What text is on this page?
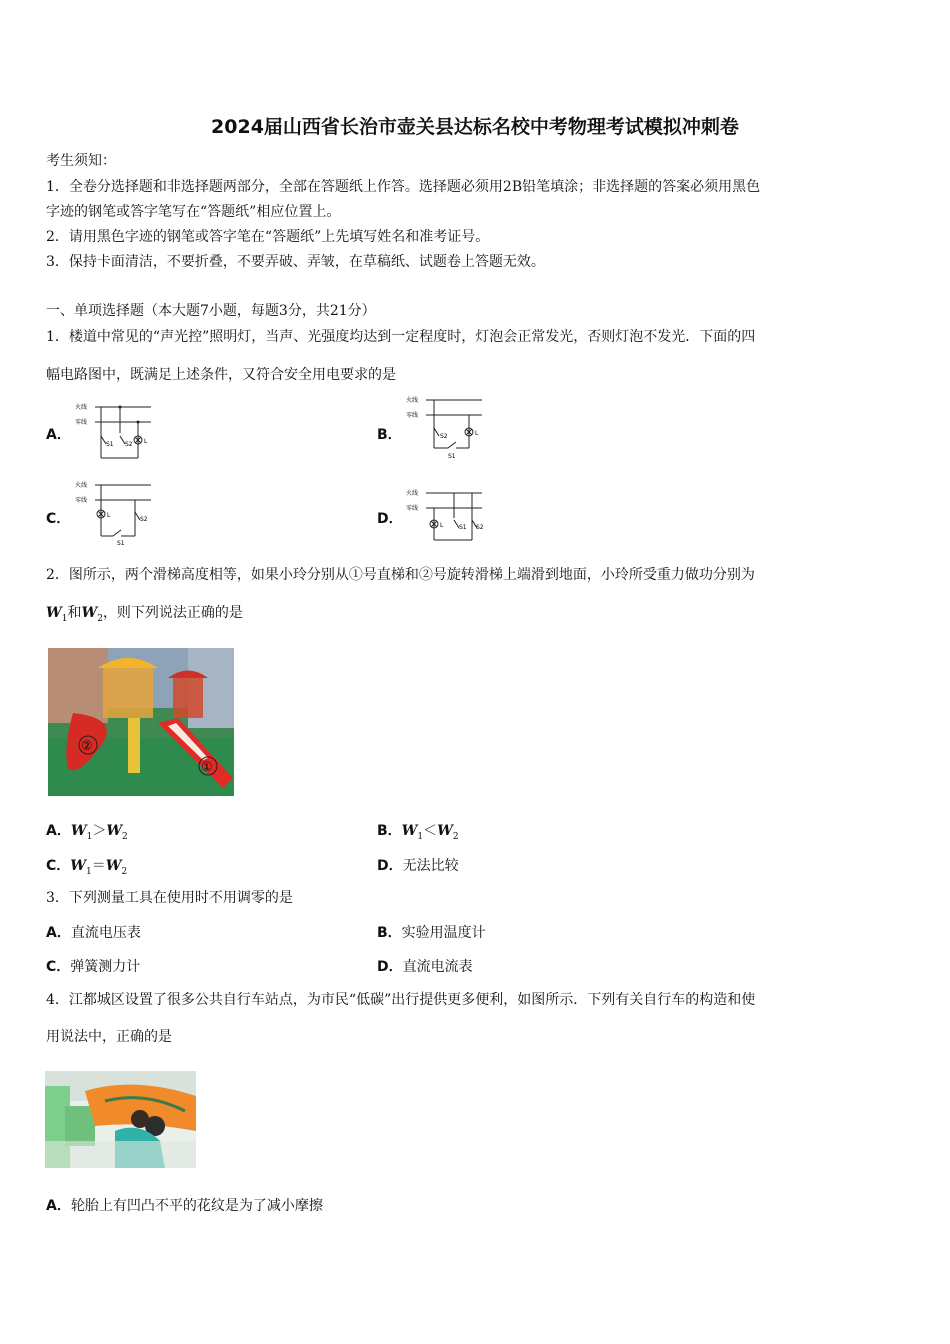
2024届山西省长治市壶关县达标名校中考物理考试模拟冲刺卷
考生须知：
1．全卷分选择题和非选择题两部分，全部在答题纸上作答。选择题必须用2B铅笔填涂；非选择题的答案必须用黑色
字迹的钢笔或答字笔写在“答题纸”相应位置上。
2．请用黑色字迹的钢笔或答字笔在“答题纸”上先填写姓名和准考证号。
3．保持卡面清洁，不要折叠，不要弄破、弄皱，在草稿纸、试题卷上答题无效。
一、单项选择题（本大题7小题，每题3分，共21分）
1．楼道中常见的“声光控”照明灯，当声、光强度均达到一定程度时，灯泡会正常发光，否则灯泡不发光．下面的四
幅电路图中，既满足上述条件，又符合安全用电要求的是
A．
火线
零线
S1 S2 L	B．
火线
零线
S1
S2	L
C．
火线
零线
S1
L
S2	D．
火线
零线
L	S1 S2
2．图所示，两个滑梯高度相等，如果小玲分别从①号直梯和②号旋转滑梯上端滑到地面，小玲所受重力做功分别为
$W_1$和$W_2$，则下列说法正确的是
②
①
A．$W_1>W_2$	B．$W_1<W_2$
C．$W_1=W_2$	D．无法比较
3．下列测量工具在使用时不用调零的是
A．直流电压表	B．实验用温度计
C．弹簧测力计	D．直流电流表
4．江都城区设置了很多公共自行车站点，为市民“低碳”出行提供更多便利，如图所示．下列有关自行车的构造和使
用说法中，正确的是
A．轮胎上有凹凸不平的花纹是为了减小摩擦
